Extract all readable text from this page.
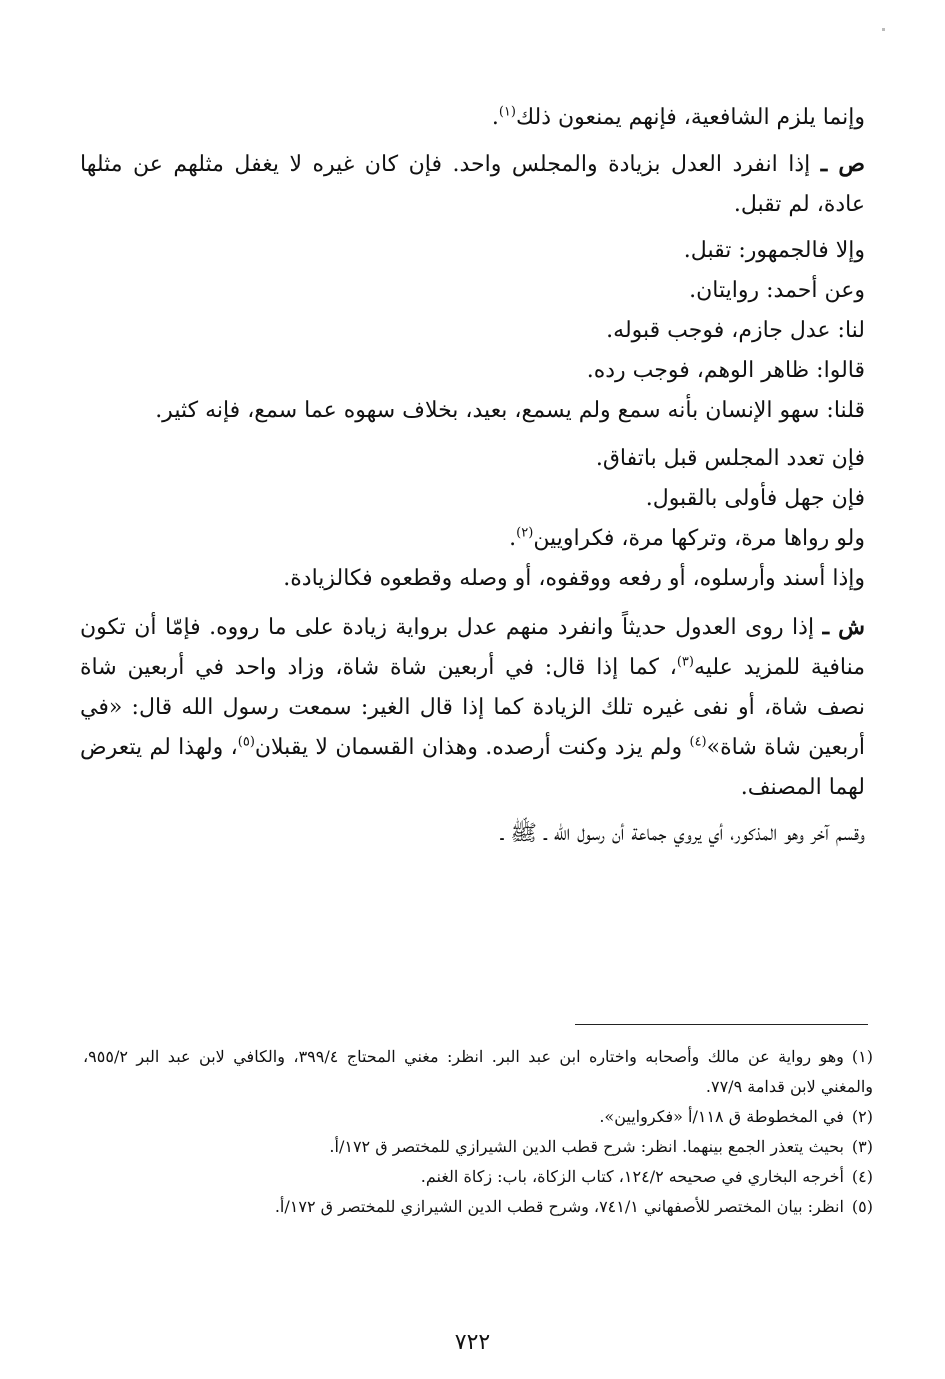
وإنما يلزم الشافعية، فإنهم يمنعون ذلك$^{(١)}$.

ص ـ إذا انفرد العدل بزيادة والمجلس واحد. فإن كان غيره لا يغفل مثلهم عن مثلها عادة، لم تقبل.

وإلا فالجمهور: تقبل.
وعن أحمد: روايتان.
لنا: عدل جازم، فوجب قبوله.
قالوا: ظاهر الوهم، فوجب رده.
قلنا: سهو الإنسان بأنه سمع ولم يسمع، بعيد، بخلاف سهوه عما سمع، فإنه كثير.
فإن تعدد المجلس قبل باتفاق.
فإن جهل فأولى بالقبول.
ولو رواها مرة، وتركها مرة، فكراويين$^{(٢)}$.
وإذا أسند وأرسلوه، أو رفعه ووقفوه، أو وصله وقطعوه فكالزيادة.

ش ـ إذا روى العدول حديثاً وانفرد منهم عدل برواية زيادة على ما رووه. فإمّا أن تكون منافية للمزيد عليه$^{(٣)}$، كما إذا قال: في أربعين شاة شاة، وزاد واحد في أربعين شاة نصف شاة، أو نفى غيره تلك الزيادة كما إذا قال الغير: سمعت رسول الله قال: «في أربعين شاة شاة»$^{(٤)}$ ولم يزد وكنت أرصده. وهذان القسمان لا يقبلان$^{(٥)}$، ولهذا لم يتعرض لهما المصنف.

وقسم آخر وهو المذكور، أي يروي جماعة أن رسول الله ـ ﷺ ـ

(١)وهو رواية عن مالك وأصحابه واختاره ابن عبد البر. انظر: مغني المحتاج ٣٩٩/٤، والكافي لابن عبد البر ٩٥٥/٢، والمغني لابن قدامة ٧٧/٩.

(٢)في المخطوطة ق ١١٨/أ «فكروايين».

(٣)بحيث يتعذر الجمع بينهما. انظر: شرح قطب الدين الشيرازي للمختصر ق ١٧٢/أ.

(٤)أخرجه البخاري في صحيحه ١٢٤/٢، كتاب الزكاة، باب: زكاة الغنم.

(٥)انظر: بيان المختصر للأصفهاني ٧٤١/١، وشرح قطب الدين الشيرازي للمختصر ق ١٧٢/أ.

٧٢٢
